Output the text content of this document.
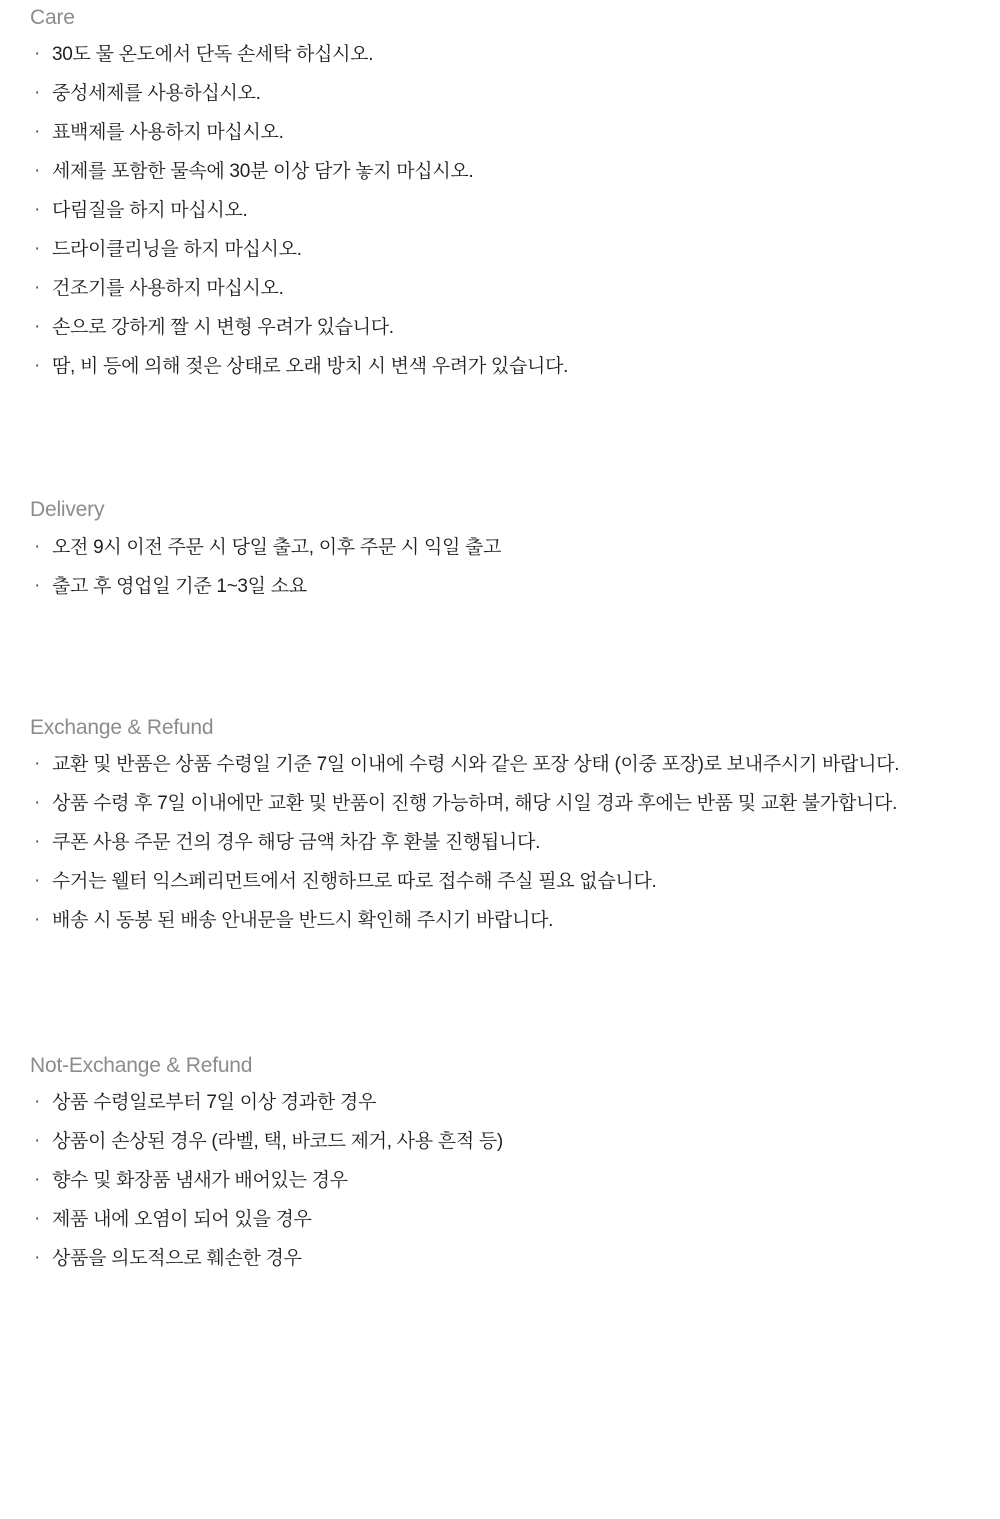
Care
· 30도 물 온도에서 단독 손세탁 하십시오.
· 중성세제를 사용하십시오.
· 표백제를 사용하지 마십시오.
· 세제를 포함한 물속에 30분 이상 담가 놓지 마십시오.
· 다림질을 하지 마십시오.
· 드라이클리닝을 하지 마십시오.
· 건조기를 사용하지 마십시오.
· 손으로 강하게 짤 시 변형 우려가 있습니다.
· 땀, 비 등에 의해 젖은 상태로 오래 방치 시 변색 우려가 있습니다.
Delivery
· 오전 9시 이전 주문 시 당일 출고, 이후 주문 시 익일 출고
· 출고 후 영업일 기준 1~3일 소요
Exchange & Refund
· 교환 및 반품은 상품 수령일 기준 7일 이내에 수령 시와 같은 포장 상태 (이중 포장)로 보내주시기 바랍니다.
· 상품 수령 후 7일 이내에만 교환 및 반품이 진행 가능하며, 해당 시일 경과 후에는 반품 및 교환 불가합니다.
· 쿠폰 사용 주문 건의 경우 해당 금액 차감 후 환불 진행됩니다.
· 수거는 웰터 익스페리먼트에서 진행하므로 따로 접수해 주실 필요 없습니다.
· 배송 시 동봉 된 배송 안내문을 반드시 확인해 주시기 바랍니다.
Not-Exchange & Refund
· 상품 수령일로부터 7일 이상 경과한 경우
· 상품이 손상된 경우 (라벨, 택, 바코드 제거, 사용 흔적 등)
· 향수 및 화장품 냄새가 배어있는 경우
· 제품 내에 오염이 되어 있을 경우
· 상품을 의도적으로 훼손한 경우
